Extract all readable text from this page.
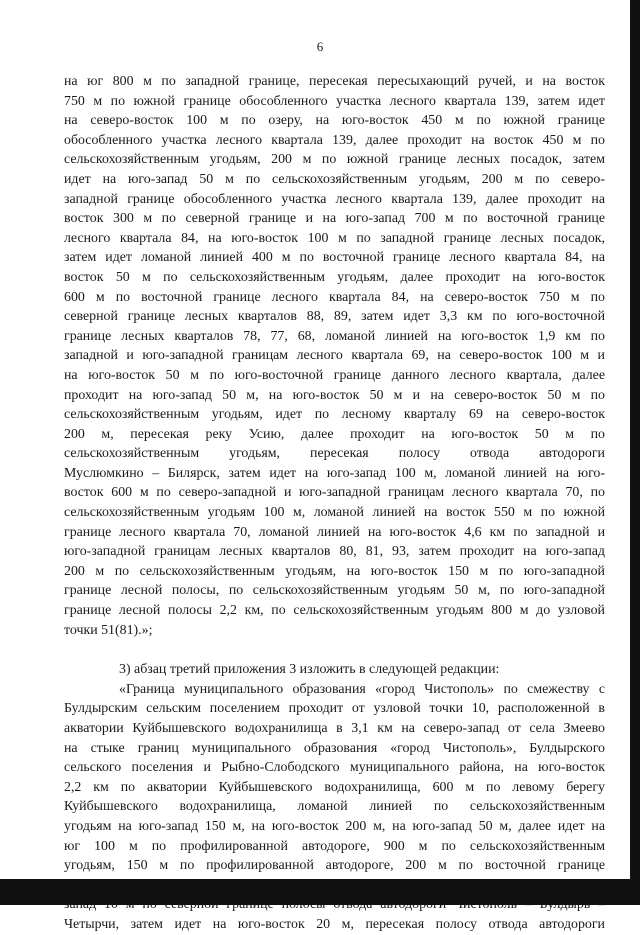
6
на юг 800 м по западной границе, пересекая пересыхающий ручей, и на восток
750 м по южной границе обособленного участка лесного квартала 139, затем идет
на северо-восток 100 м по озеру, на юго-восток 450 м по южной границе
обособленного участка лесного квартала 139, далее проходит на восток 450 м по
сельскохозяйственным угодьям, 200 м по южной границе лесных посадок, затем
идет на юго-запад 50 м по сельскохозяйственным угодьям, 200 м по северо-
западной границе обособленного участка лесного квартала 139, далее проходит на
восток 300 м по северной границе и на юго-запад 700 м по восточной границе
лесного квартала 84, на юго-восток 100 м по западной границе лесных посадок,
затем идет ломаной линией 400 м по восточной границе лесного квартала 84, на
восток 50 м по сельскохозяйственным угодьям, далее проходит на юго-восток
600 м по восточной границе лесного квартала 84, на северо-восток 750 м по
северной границе лесных кварталов 88, 89, затем идет 3,3 км по юго-восточной
границе лесных кварталов 78, 77, 68, ломаной линией на юго-восток 1,9 км по
западной и юго-западной границам лесного квартала 69, на северо-восток 100 м и
на юго-восток 50 м по юго-восточной границе данного лесного квартала, далее
проходит на юго-запад 50 м, на юго-восток 50 м и на северо-восток 50 м по
сельскохозяйственным угодьям, идет по лесному кварталу 69 на северо-восток
200 м, пересекая реку Усию, далее проходит на юго-восток 50 м по
сельскохозяйственным угодьям, пересекая полосу отвода автодороги
Муслюмкино – Билярск, затем идет на юго-запад 100 м, ломаной линией на юго-
восток 600 м по северо-западной и юго-западной границам лесного квартала 70, по
сельскохозяйственным угодьям 100 м, ломаной линией на восток 550 м по южной
границе лесного квартала 70, ломаной линией на юго-восток 4,6 км по западной и
юго-западной границам лесных кварталов 80, 81, 93, затем проходит на юго-запад
200 м по сельскохозяйственным угодьям, на юго-восток 150 м по юго-западной
границе лесной полосы, по сельскохозяйственным угодьям 50 м, по юго-западной
границе лесной полосы 2,2 км, по сельскохозяйственным угодьям 800 м до узловой
точки 51(81).»;
3) абзац третий приложения 3 изложить в следующей редакции:
«Граница муниципального образования «город Чистополь» по смежеству с
Булдырским сельским поселением проходит от узловой точки 10, расположенной в
акватории Куйбышевского водохранилища в 3,1 км на северо-запад от села Змеево
на стыке границ муниципального образования «город Чистополь», Булдырского
сельского поселения и Рыбно-Слободского муниципального района, на юго-восток
2,2 км по акватории Куйбышевского водохранилища, 600 м по левому берегу
Куйбышевского водохранилища, ломаной линией по сельскохозяйственным
угодьям на юго-запад 150 м, на юго-восток 200 м, на юго-запад 50 м, далее идет на
юг 100 м по профилированной автодороге, 900 м по сельскохозяйственным
угодьям, 150 м по профилированной автодороге, 200 м по восточной границе
Четырчи, затем идет на юго-восток 20 м, пересекая полосу отвода автодороги
